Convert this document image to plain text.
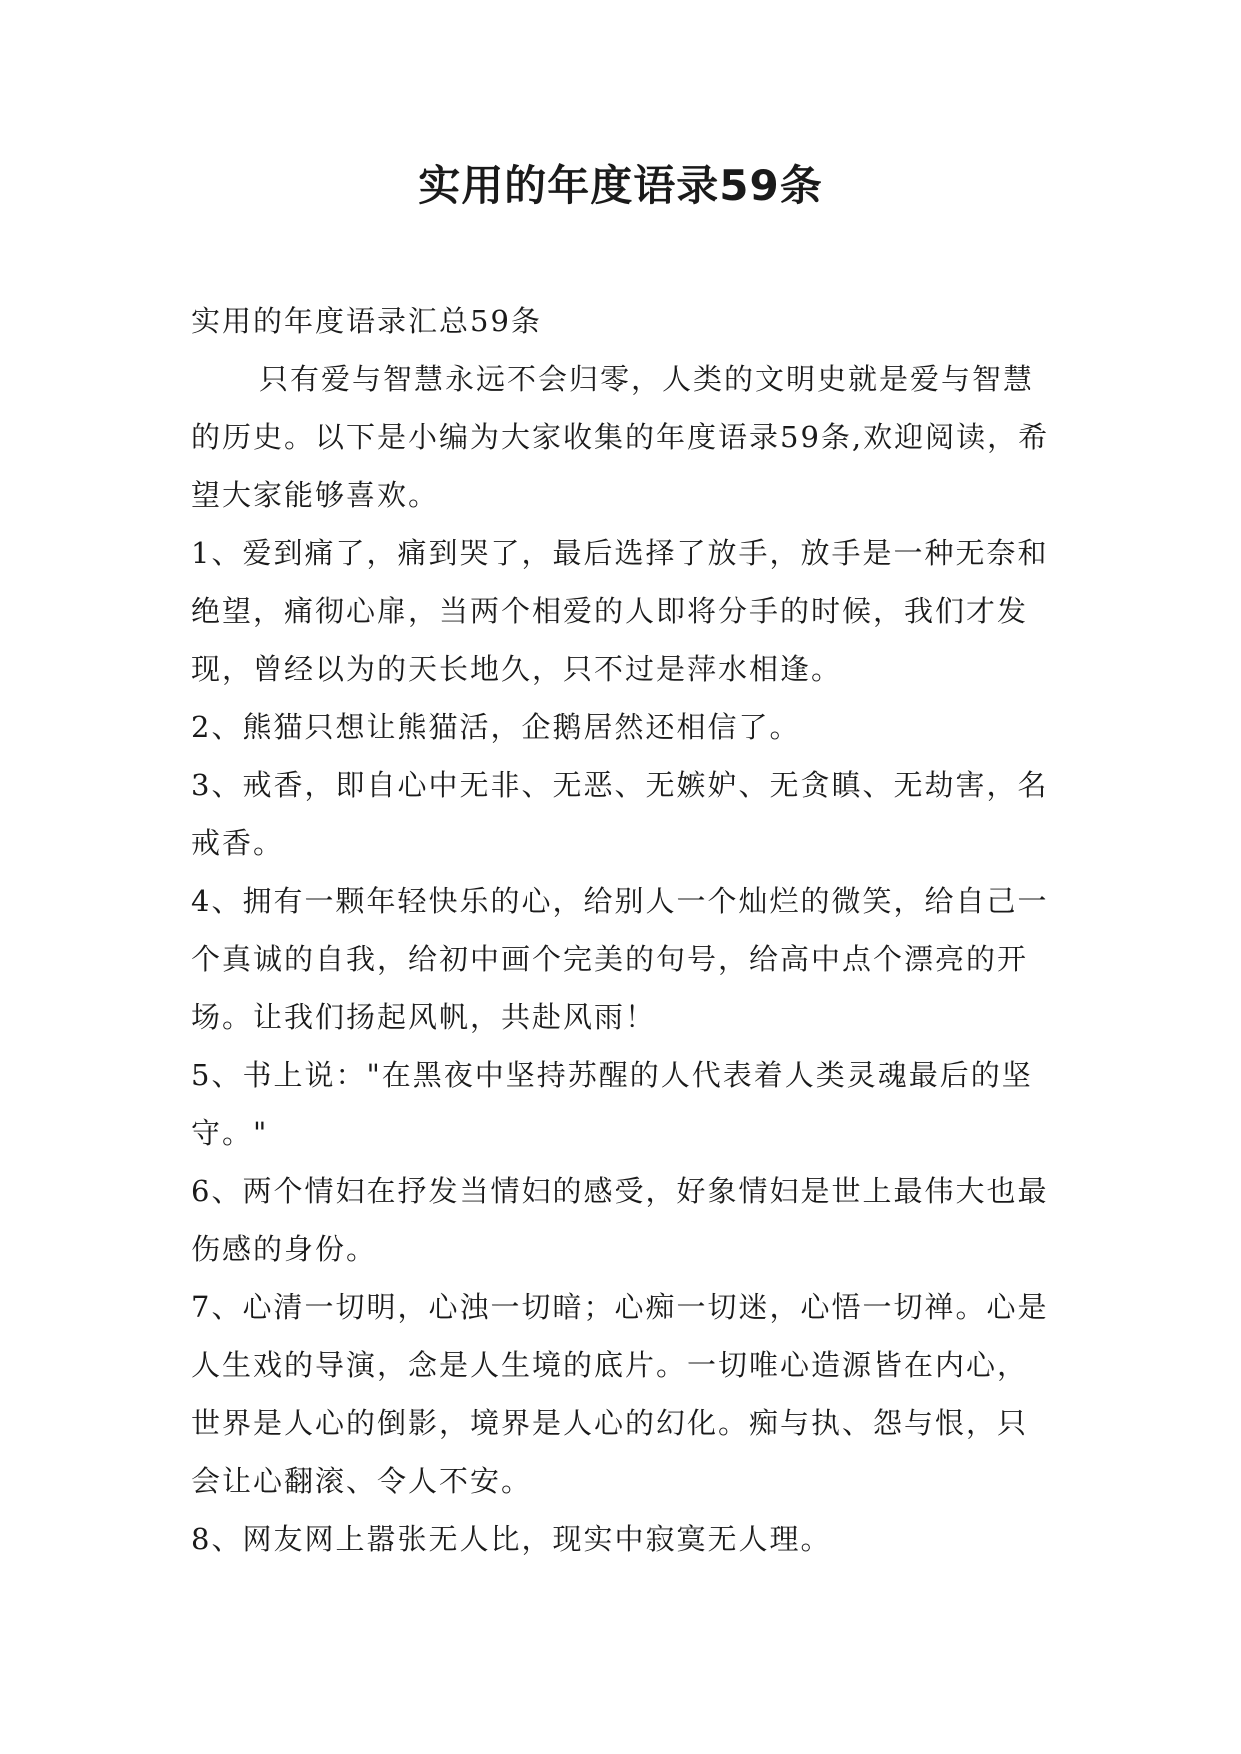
实用的年度语录59条

实用的年度语录汇总59条

只有爱与智慧永远不会归零，人类的文明史就是爱与智慧的历史。以下是小编为大家收集的年度语录59条,欢迎阅读，希望大家能够喜欢。

1、爱到痛了，痛到哭了，最后选择了放手，放手是一种无奈和绝望，痛彻心扉，当两个相爱的人即将分手的时候，我们才发现，曾经以为的天长地久，只不过是萍水相逢。

2、熊猫只想让熊猫活，企鹅居然还相信了。

3、戒香，即自心中无非、无恶、无嫉妒、无贪瞋、无劫害，名戒香。

4、拥有一颗年轻快乐的心，给别人一个灿烂的微笑，给自己一个真诚的自我，给初中画个完美的句号，给高中点个漂亮的开场。让我们扬起风帆，共赴风雨！

5、书上说："在黑夜中坚持苏醒的人代表着人类灵魂最后的坚守。"

6、两个情妇在抒发当情妇的感受，好象情妇是世上最伟大也最伤感的身份。

7、心清一切明，心浊一切暗；心痴一切迷，心悟一切禅。心是人生戏的导演，念是人生境的底片。一切唯心造源皆在内心，世界是人心的倒影，境界是人心的幻化。痴与执、怨与恨，只会让心翻滚、令人不安。

8、网友网上嚣张无人比，现实中寂寞无人理。
